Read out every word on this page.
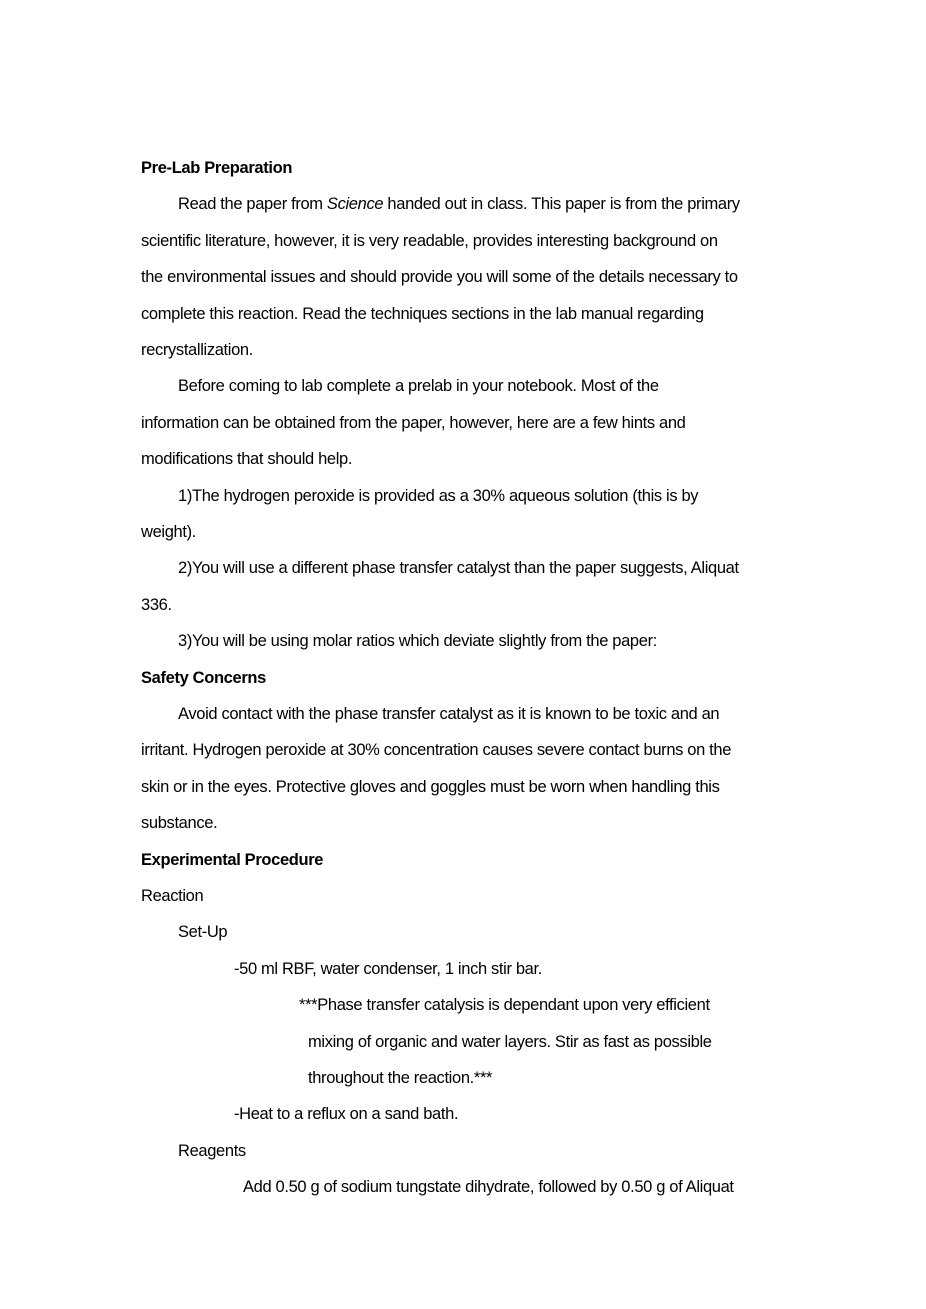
Pre-Lab Preparation
Read the paper from Science handed out in class. This paper is from the primary
scientific literature, however, it is very readable, provides interesting background on
the environmental issues and should provide you will some of the details necessary to
complete this reaction. Read the techniques sections in the lab manual regarding
recrystallization.
Before coming to lab complete a prelab in your notebook. Most of the
information can be obtained from the paper, however, here are a few hints and
modifications that should help.
1)The hydrogen peroxide is provided as a 30% aqueous solution (this is by
weight).
2)You will use a different phase transfer catalyst than the paper suggests, Aliquat
336.
3)You will be using molar ratios which deviate slightly from the paper:
Safety Concerns
Avoid contact with the phase transfer catalyst as it is known to be toxic and an
irritant. Hydrogen peroxide at 30% concentration causes severe contact burns on the
skin or in the eyes. Protective gloves and goggles must be worn when handling this
substance.
Experimental Procedure
Reaction
Set-Up
-50 ml RBF, water condenser, 1 inch stir bar.
***Phase transfer catalysis is dependant upon very efficient
mixing of organic and water layers. Stir as fast as possible
throughout the reaction.***
-Heat to a reflux on a sand bath.
Reagents
Add 0.50 g of sodium tungstate dihydrate, followed by 0.50 g of Aliquat
